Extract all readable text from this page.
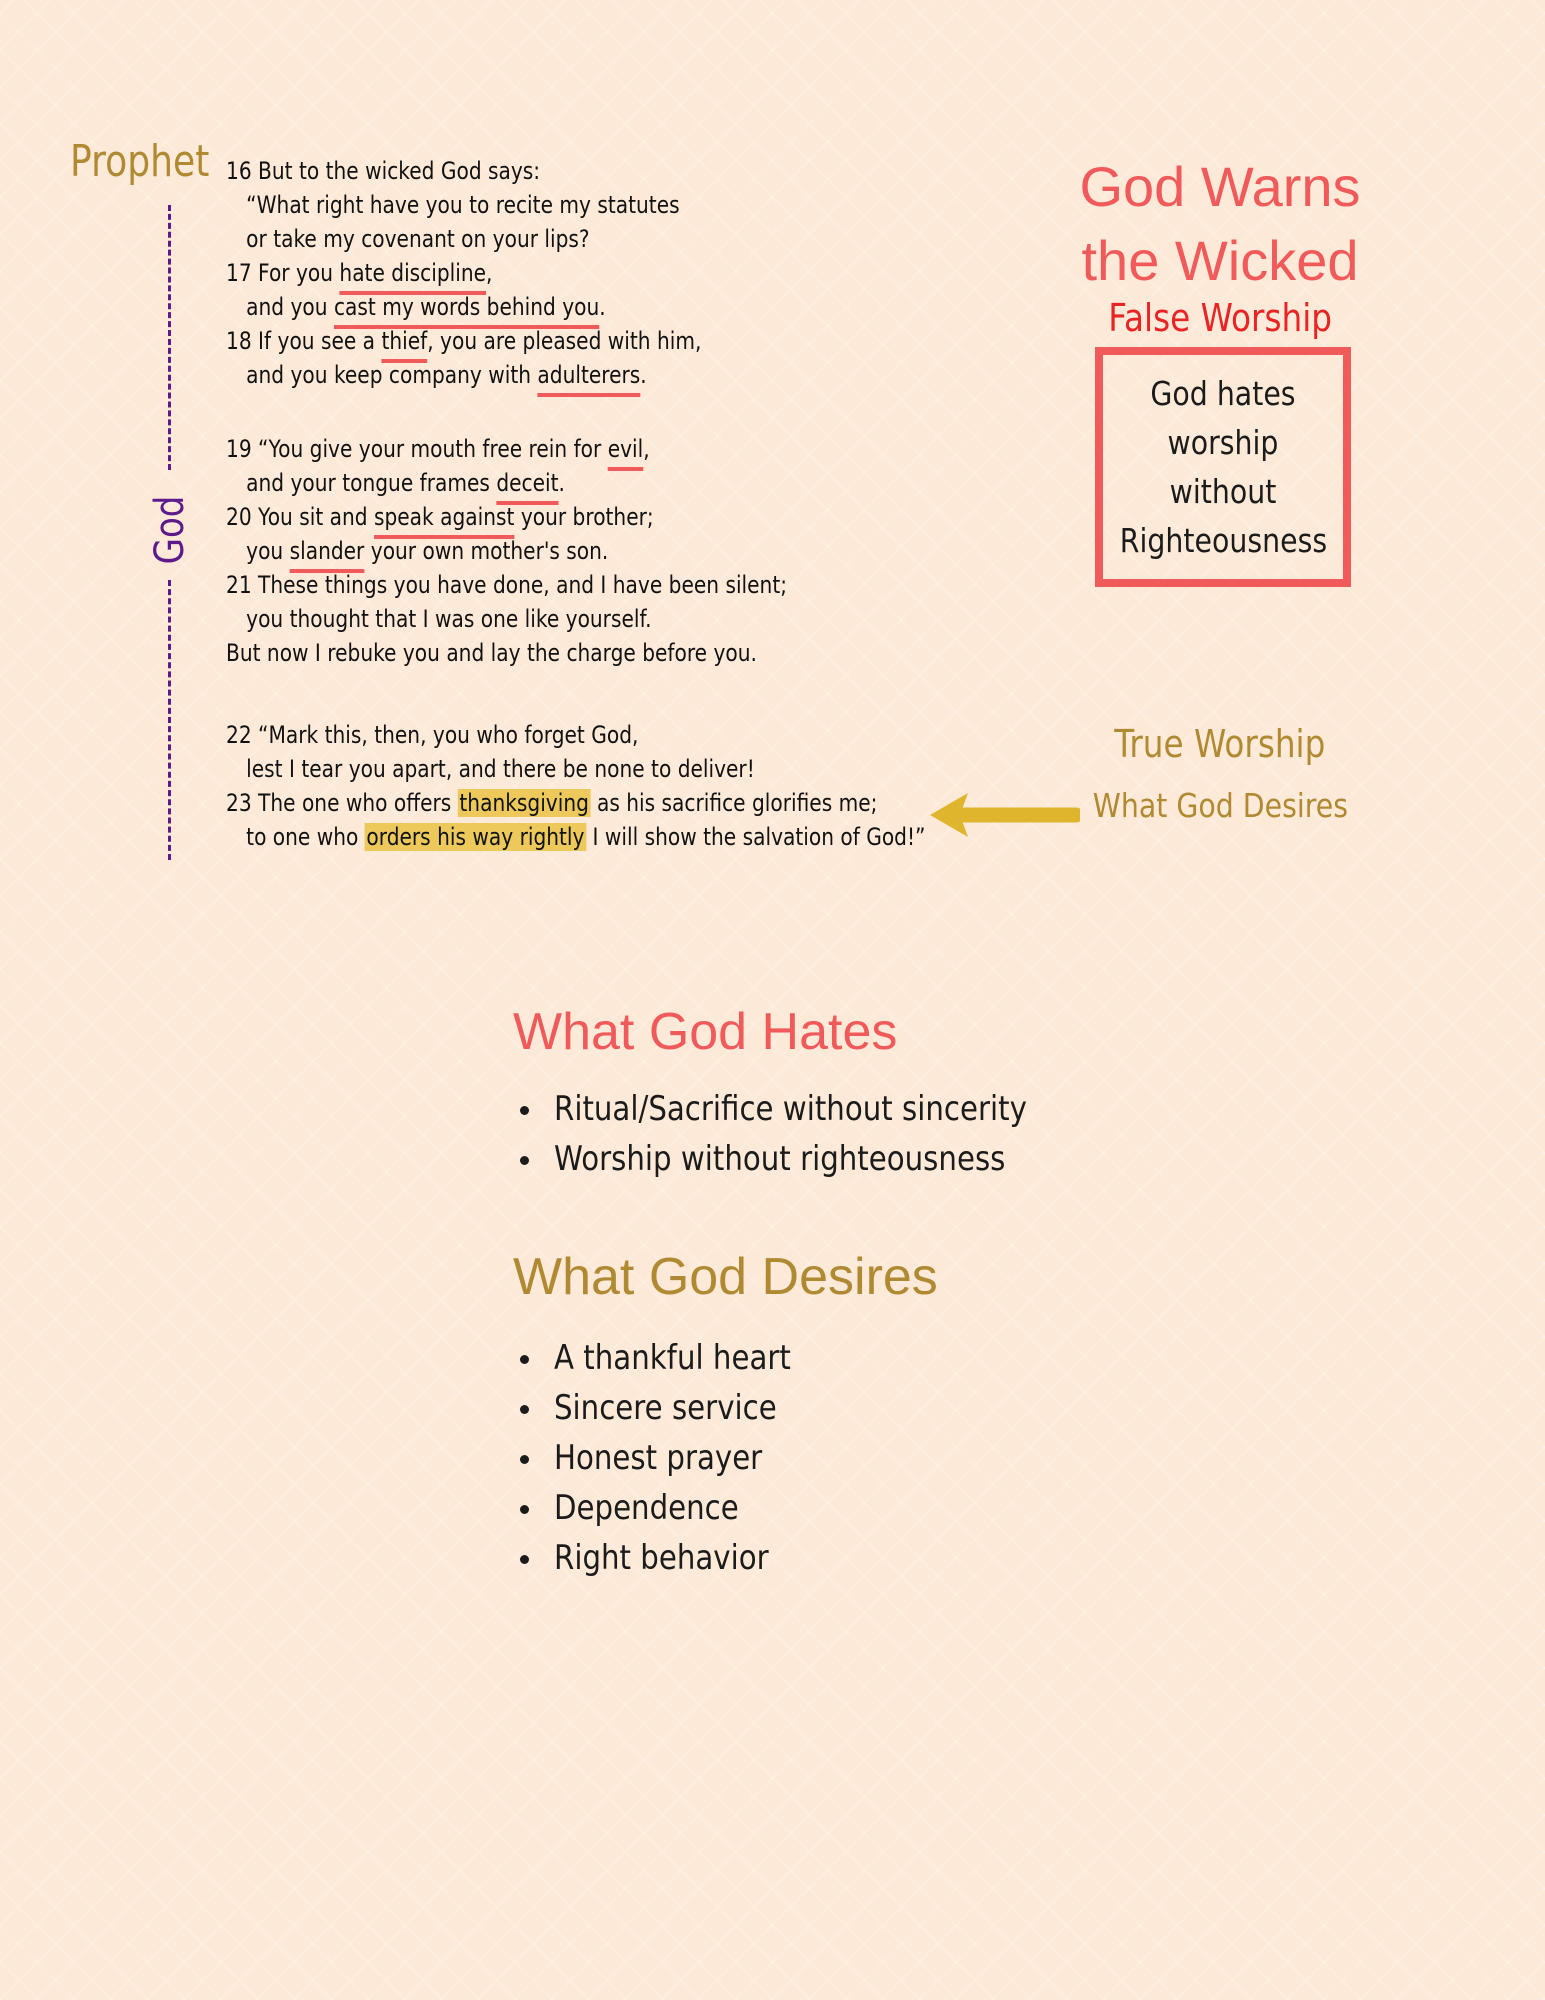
Prophet
God
16 But to the wicked God says:
“What right have you to recite my statutes
or take my covenant on your lips?
17 For you hate discipline,
and you cast my words behind you.
18 If you see a thief, you are pleased with him,
and you keep company with adulterers.
19 “You give your mouth free rein for evil,
and your tongue frames deceit.
20 You sit and speak against your brother;
you slander your own mother's son.
21 These things you have done, and I have been silent;
you thought that I was one like yourself.
But now I rebuke you and lay the charge before you.
22 “Mark this, then, you who forget God,
lest I tear you apart, and there be none to deliver!
23 The one who offers thanksgiving as his sacrifice glorifies me;
to one who orders his way rightly I will show the salvation of God!”
God Warns
the Wicked
False Worship
God hates
worship
without
Righteousness
True Worship
What God Desires
What God Hates
Ritual/Sacrifice without sincerity
Worship without righteousness
What God Desires
A thankful heart
Sincere service
Honest prayer
Dependence
Right behavior
